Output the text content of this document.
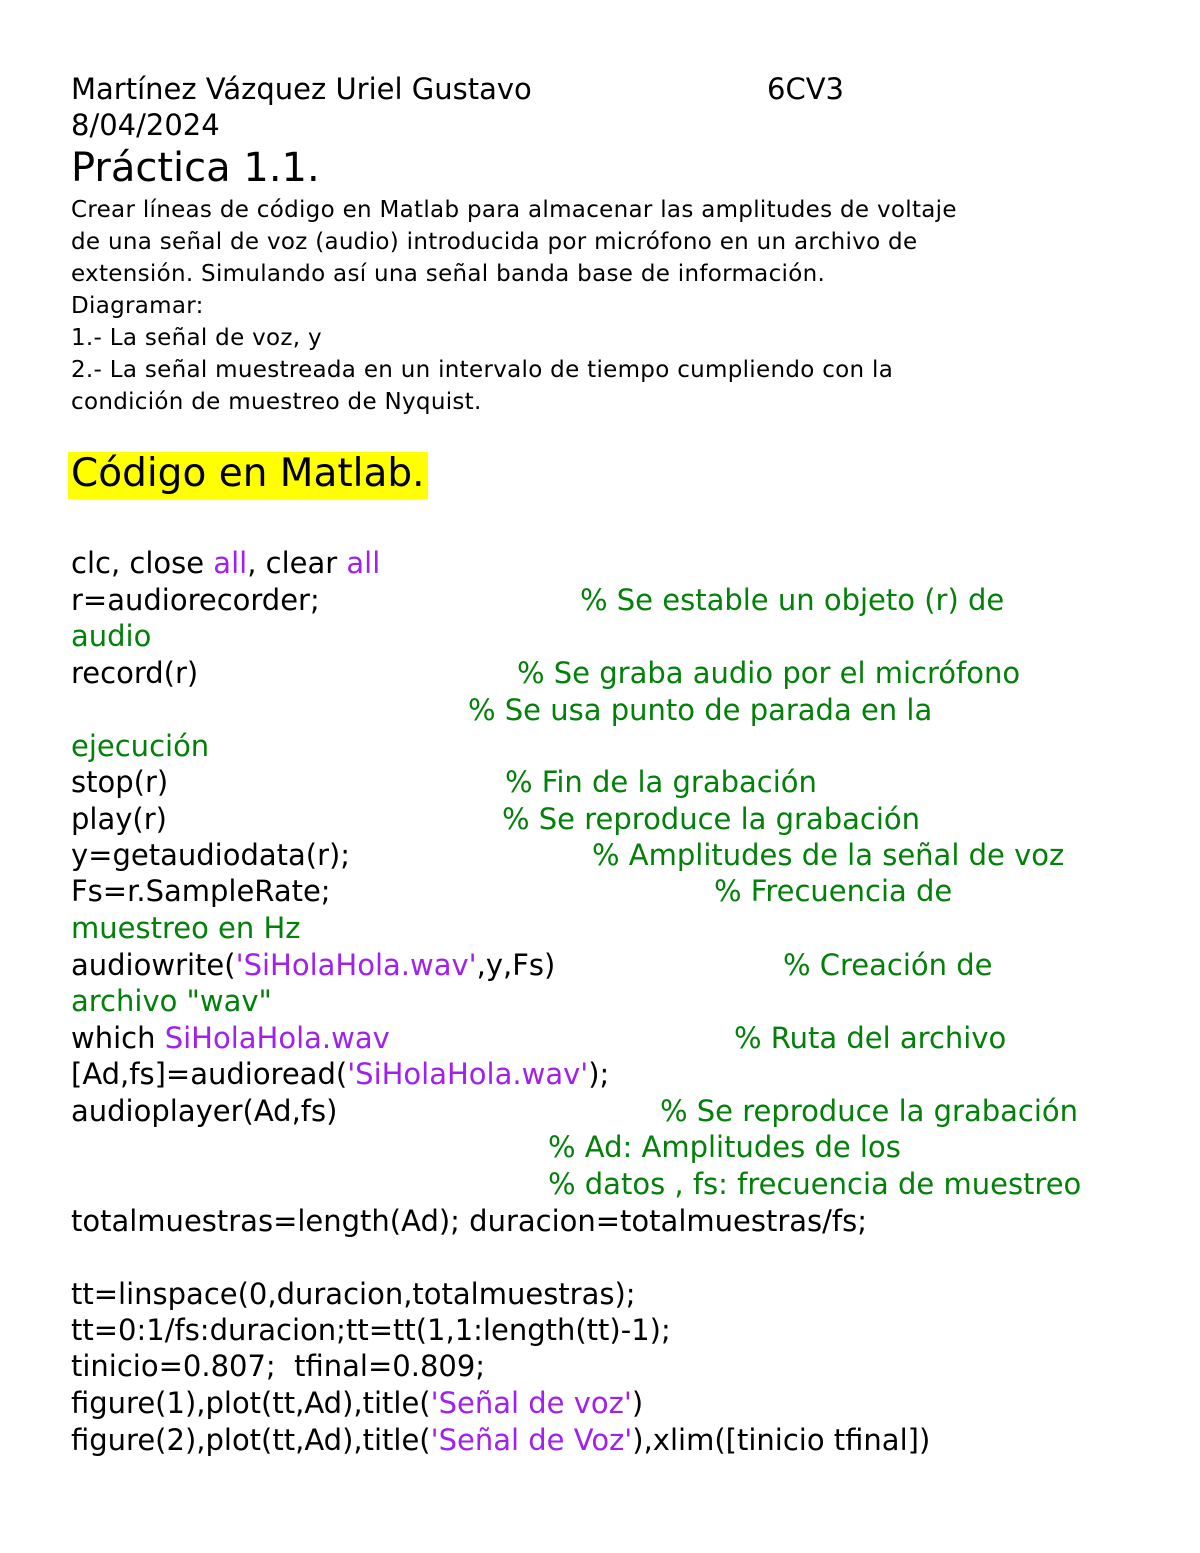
Martínez Vázquez Uriel Gustavo	6CV3
8/04/2024
Práctica 1.1.
Crear líneas de código en Matlab para almacenar las amplitudes de voltaje
de una señal de voz (audio) introducida por micrófono en un archivo de
extensión. Simulando así una señal banda base de información.
Diagramar:
1.- La señal de voz, y
2.- La señal muestreada en un intervalo de tiempo cumpliendo con la
condición de muestreo de Nyquist.
Código en Matlab.
clc, close all, clear all
r=audiorecorder;	% Se estable un objeto (r) de
audio
record(r)	% Se graba audio por el micrófono
% Se usa punto de parada en la
ejecución
stop(r)	% Fin de la grabación
play(r)	% Se reproduce la grabación
y=getaudiodata(r);	% Amplitudes de la señal de voz
Fs=r.SampleRate;	% Frecuencia de
muestreo en Hz
audiowrite('SiHolaHola.wav',y,Fs)	% Creación de
archivo "wav"
which SiHolaHola.wav	% Ruta del archivo
[Ad,fs]=audioread('SiHolaHola.wav');
audioplayer(Ad,fs)	% Se reproduce la grabación
% Ad: Amplitudes de los
% datos , fs: frecuencia de muestreo
totalmuestras=length(Ad); duracion=totalmuestras/fs;
tt=linspace(0,duracion,totalmuestras);
tt=0:1/fs:duracion;tt=tt(1,1:length(tt)-1);
tinicio=0.807;  tfinal=0.809;
figure(1),plot(tt,Ad),title('Señal de voz')
figure(2),plot(tt,Ad),title('Señal de Voz'),xlim([tinicio tfinal])
